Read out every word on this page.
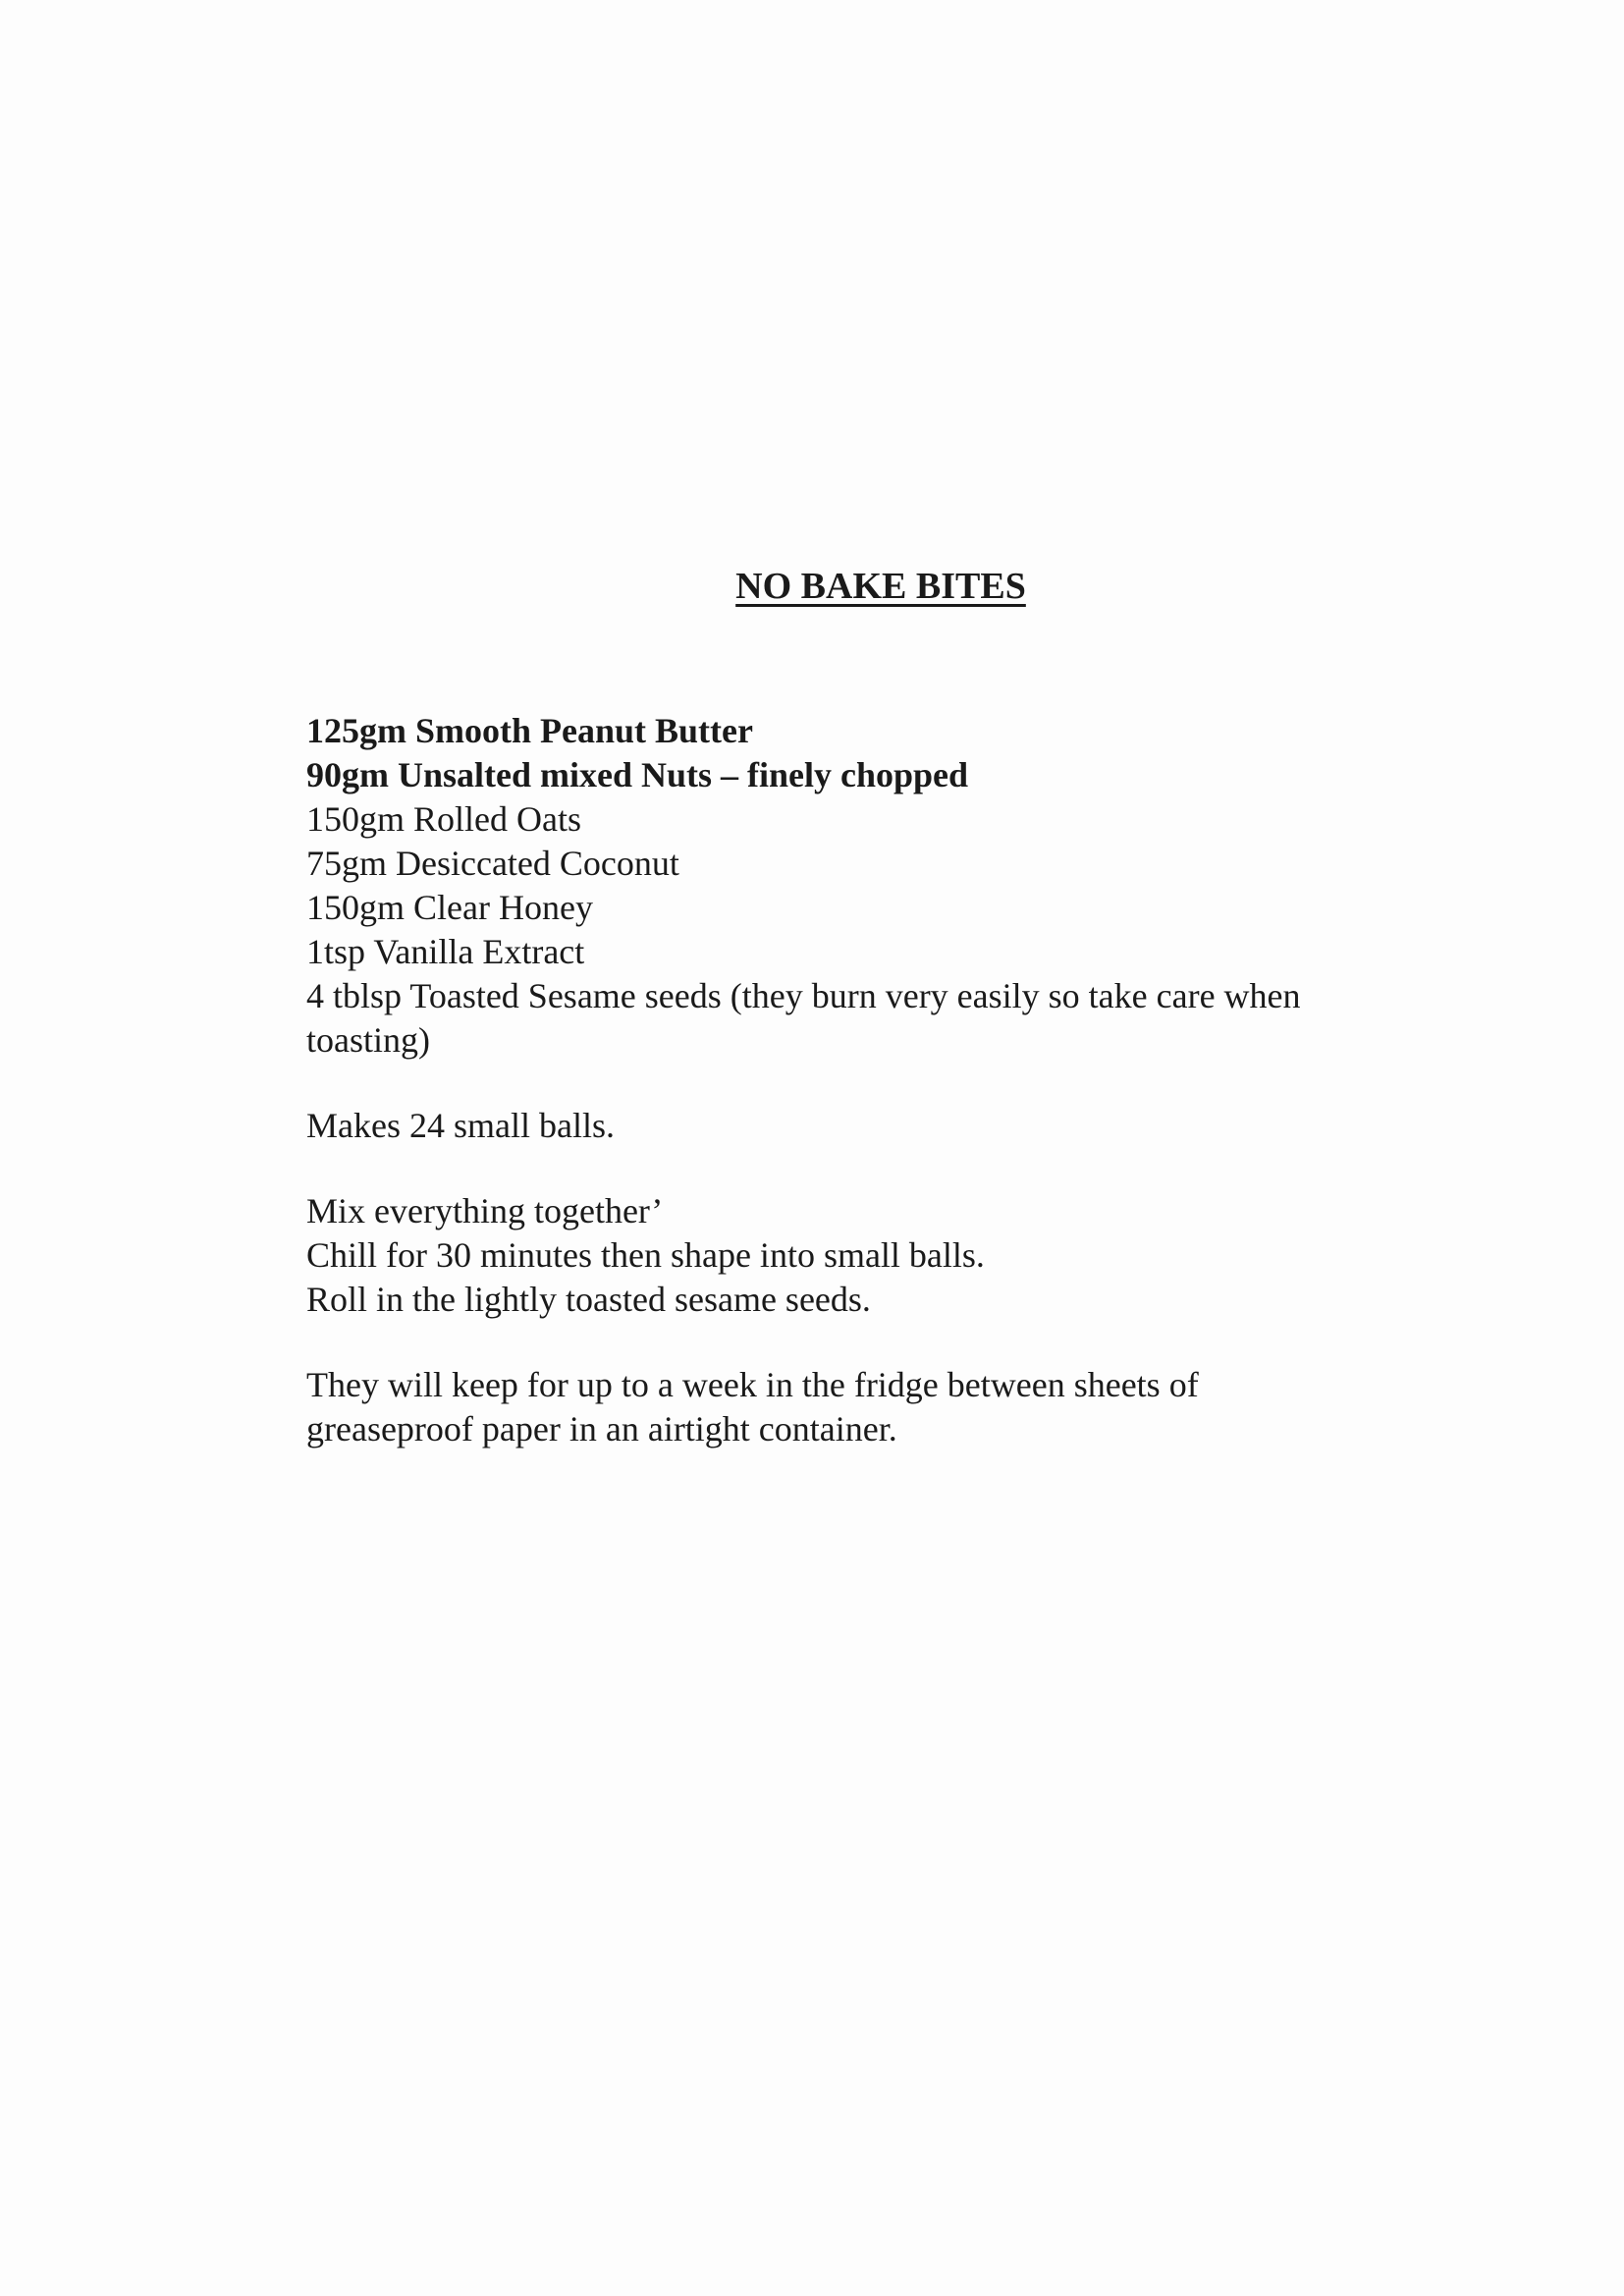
NO BAKE BITES
125gm Smooth Peanut Butter
90gm Unsalted mixed Nuts – finely chopped
150gm Rolled Oats
75gm Desiccated Coconut
150gm Clear Honey
1tsp Vanilla Extract
4 tblsp Toasted Sesame seeds (they burn very easily so take care when toasting)
Makes 24 small balls.
Mix everything together’
Chill for 30 minutes then shape into small balls.
Roll in the lightly toasted sesame seeds.
They will keep for up to a week in the fridge between sheets of greaseproof paper in an airtight container.
